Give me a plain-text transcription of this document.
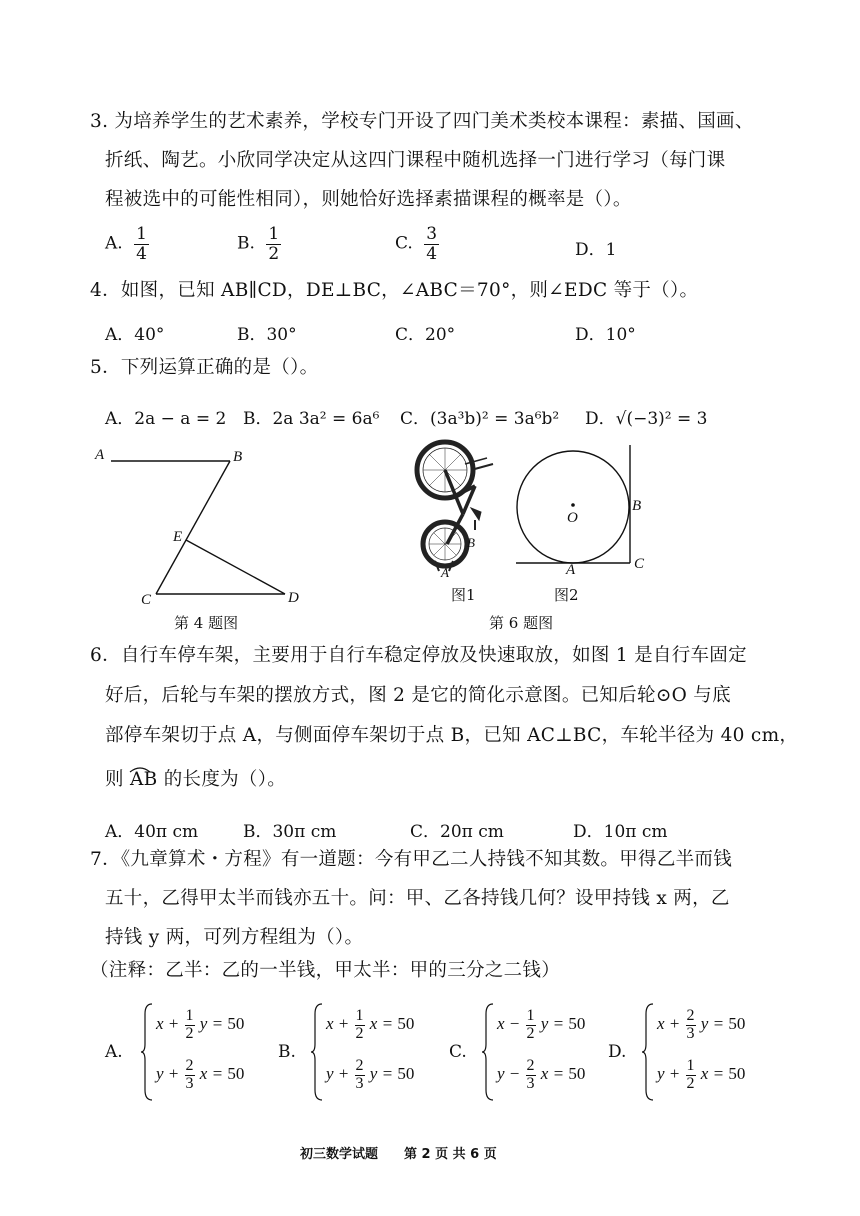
3. 为培养学生的艺术素养，学校专门开设了四门美术类校本课程：素描、国画、
折纸、陶艺。小欣同学决定从这四门课程中随机选择一门进行学习（每门课
程被选中的可能性相同），则她恰好选择素描课程的概率是（）。
A. $\frac{1}{4}$	B. $\frac{1}{2}$	C. $\frac{3}{4}$	D．1
4．如图，已知 AB∥CD，DE⊥BC，∠ABC＝70°，则∠EDC 等于（）。
A．40°	B．30°	C．20°	D．10°
5．下列运算正确的是（）。
A．2a − a = 2 B．2a 3a² = 6a⁶ C．(3a³b)² = 3a⁶b² D．√(−3)² = 3
A	B
E
C	D
第 4 题图
B
A
O
A
B
C
图1	图2
第 6 题图
6．自行车停车架，主要用于自行车稳定停放及快速取放，如图 1 是自行车固定
好后，后轮与车架的摆放方式，图 2 是它的简化示意图。已知后轮⊙O 与底
部停车架切于点 A，与侧面停车架切于点 B，已知 AC⊥BC，车轮半径为 40 cm，
则 AB 的长度为（）。
A．40π cm	B．30π cm	C．20π cm	D．10π cm
7．《九章算术・方程》有一道题：今有甲乙二人持钱不知其数。甲得乙半而钱
五十，乙得甲太半而钱亦五十。问：甲、乙各持钱几何？设甲持钱 x 两，乙
持钱 y 两，可列方程组为（）。
（注释：乙半：乙的一半钱，甲太半：甲的三分之二钱）
A.
$x + \frac{1}{2}$ y = 50
$y + \frac{2}{3}$ x = 50
B.
$x + \frac{1}{2}$ x = 50
$y + \frac{2}{3}$ y = 50
C.
$x - \frac{1}{2}$ y = 50
$y - \frac{2}{3}$ x = 50
D.
$x + \frac{2}{3}$ y = 50
$y + \frac{1}{2}$ x = 50
初三数学试题　　第 2 页 共 6 页
